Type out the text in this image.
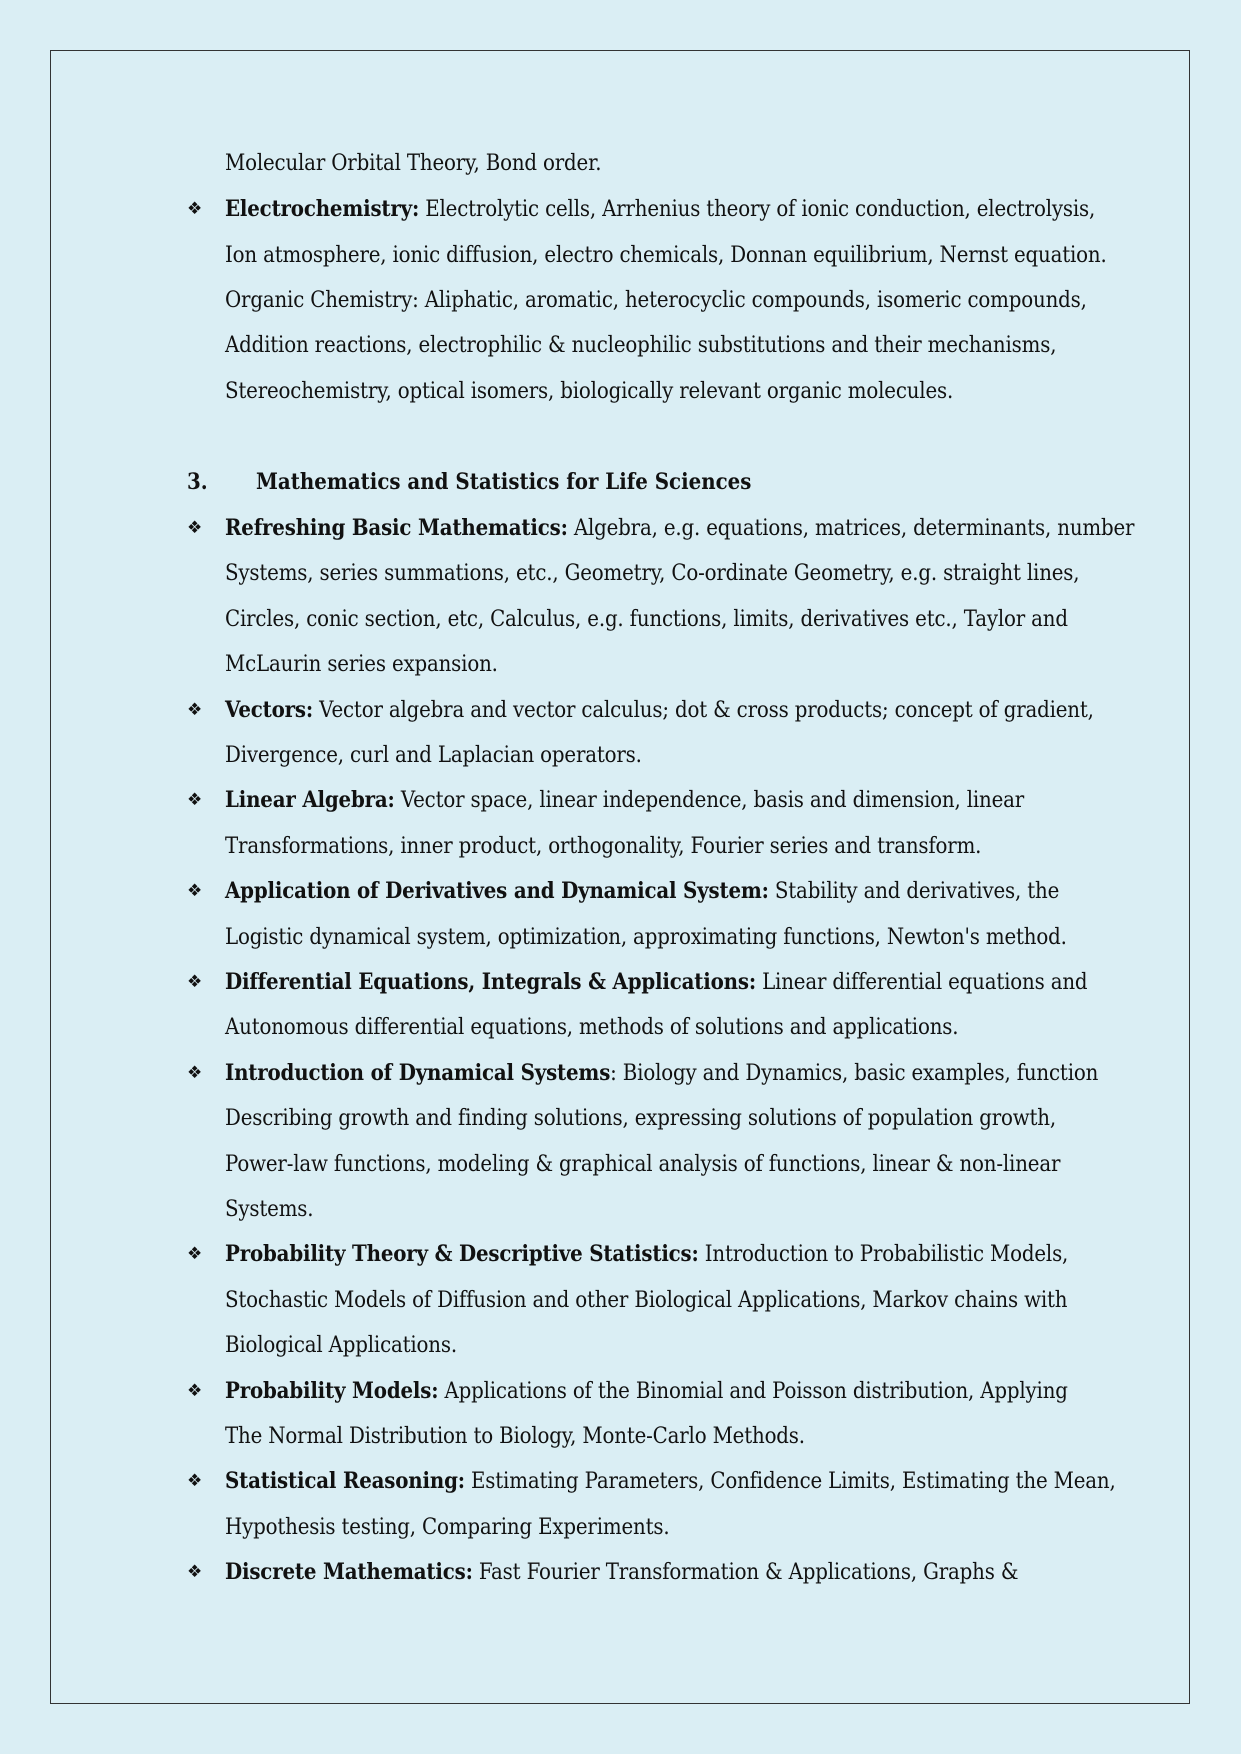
Molecular Orbital Theory, Bond order.
❖ Electrochemistry: Electrolytic cells, Arrhenius theory of ionic conduction, electrolysis,
Ion atmosphere, ionic diffusion, electro chemicals, Donnan equilibrium, Nernst equation.
Organic Chemistry: Aliphatic, aromatic, heterocyclic compounds, isomeric compounds,
Addition reactions, electrophilic & nucleophilic substitutions and their mechanisms,
Stereochemistry, optical isomers, biologically relevant organic molecules.
3. Mathematics and Statistics for Life Sciences
❖ Refreshing Basic Mathematics: Algebra, e.g. equations, matrices, determinants, number
Systems, series summations, etc., Geometry, Co-ordinate Geometry, e.g. straight lines,
Circles, conic section, etc, Calculus, e.g. functions, limits, derivatives etc., Taylor and
McLaurin series expansion.
❖ Vectors: Vector algebra and vector calculus; dot & cross products; concept of gradient,
Divergence, curl and Laplacian operators.
❖ Linear Algebra: Vector space, linear independence, basis and dimension, linear
Transformations, inner product, orthogonality, Fourier series and transform.
❖ Application of Derivatives and Dynamical System: Stability and derivatives, the
Logistic dynamical system, optimization, approximating functions, Newton's method.
❖ Differential Equations, Integrals & Applications: Linear differential equations and
Autonomous differential equations, methods of solutions and applications.
❖ Introduction of Dynamical Systems: Biology and Dynamics, basic examples, function
Describing growth and finding solutions, expressing solutions of population growth,
Power-law functions, modeling & graphical analysis of functions, linear & non-linear
Systems.
❖ Probability Theory & Descriptive Statistics: Introduction to Probabilistic Models,
Stochastic Models of Diffusion and other Biological Applications, Markov chains with
Biological Applications.
❖ Probability Models: Applications of the Binomial and Poisson distribution, Applying
The Normal Distribution to Biology, Monte-Carlo Methods.
❖ Statistical Reasoning: Estimating Parameters, Confidence Limits, Estimating the Mean,
Hypothesis testing, Comparing Experiments.
❖ Discrete Mathematics: Fast Fourier Transformation & Applications, Graphs &
